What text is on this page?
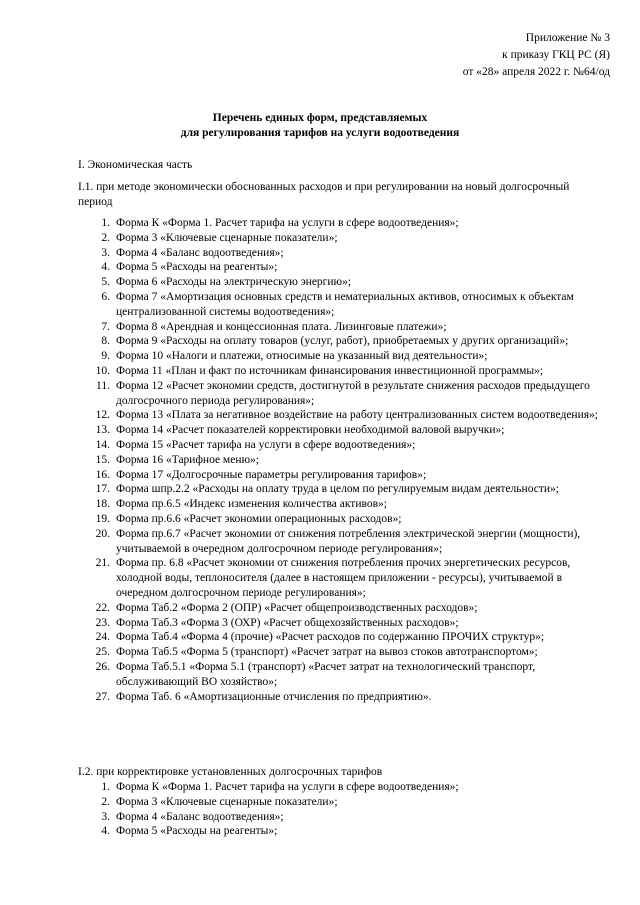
Приложение № 3
к приказу ГКЦ РС (Я)
от «28» апреля 2022 г. №64/од
Перечень единых форм, представляемых
для регулирования тарифов на услуги водоотведения
I. Экономическая часть
I.1. при методе экономически обоснованных расходов и при регулировании на новый долгосрочный период
1. Форма К «Форма 1. Расчет тарифа на услуги в сфере водоотведения»;
2. Форма 3 «Ключевые сценарные показатели»;
3. Форма 4 «Баланс водоотведения»;
4. Форма 5 «Расходы на реагенты»;
5. Форма 6 «Расходы на электрическую энергию»;
6. Форма 7 «Амортизация основных средств и нематериальных активов, относимых к объектам централизованной системы водоотведения»;
7. Форма 8 «Арендная и концессионная плата. Лизинговые платежи»;
8. Форма 9 «Расходы на оплату товаров (услуг, работ), приобретаемых у других организаций»;
9. Форма 10 «Налоги и платежи, относимые на указанный вид деятельности»;
10. Форма 11 «План и факт по источникам финансирования инвестиционной программы»;
11. Форма 12 «Расчет экономии средств, достигнутой в результате снижения расходов предыдущего долгосрочного периода регулирования»;
12. Форма 13 «Плата за негативное воздействие на работу централизованных систем водоотведения»;
13. Форма 14 «Расчет показателей корректировки необходимой валовой выручки»;
14. Форма 15 «Расчет тарифа на услуги в сфере водоотведения»;
15. Форма 16 «Тарифное меню»;
16. Форма 17 «Долгосрочные параметры регулирования тарифов»;
17. Форма шпр.2.2 «Расходы на оплату труда в целом по регулируемым видам деятельности»;
18. Форма пр.6.5 «Индекс изменения количества активов»;
19. Форма пр.6.6 «Расчет экономии операционных расходов»;
20. Форма пр.6.7 «Расчет экономии от снижения потребления электрической энергии (мощности), учитываемой в очередном долгосрочном периоде регулирования»;
21. Форма пр. 6.8 «Расчет экономии от снижения потребления прочих энергетических ресурсов, холодной воды, теплоносителя (далее в настоящем приложении - ресурсы), учитываемой в очередном долгосрочном периоде регулирования»;
22. Форма Таб.2 «Форма 2 (ОПР) «Расчет общепроизводственных расходов»;
23. Форма Таб.3 «Форма 3 (ОХР) «Расчет общехозяйственных расходов»;
24. Форма Таб.4 «Форма 4 (прочие) «Расчет расходов по содержанию ПРОЧИХ структур»;
25. Форма Таб.5 «Форма 5 (транспорт) «Расчет затрат на вывоз стоков автотранспортом»;
26. Форма Таб.5.1 «Форма 5.1 (транспорт) «Расчет затрат на технологический транспорт, обслуживающий ВО хозяйство»;
27. Форма Таб. 6 «Амортизационные отчисления по предприятию».
I.2. при корректировке установленных долгосрочных тарифов
1. Форма К «Форма 1. Расчет тарифа на услуги в сфере водоотведения»;
2. Форма 3 «Ключевые сценарные показатели»;
3. Форма 4 «Баланс водоотведения»;
4. Форма 5 «Расходы на реагенты»;
